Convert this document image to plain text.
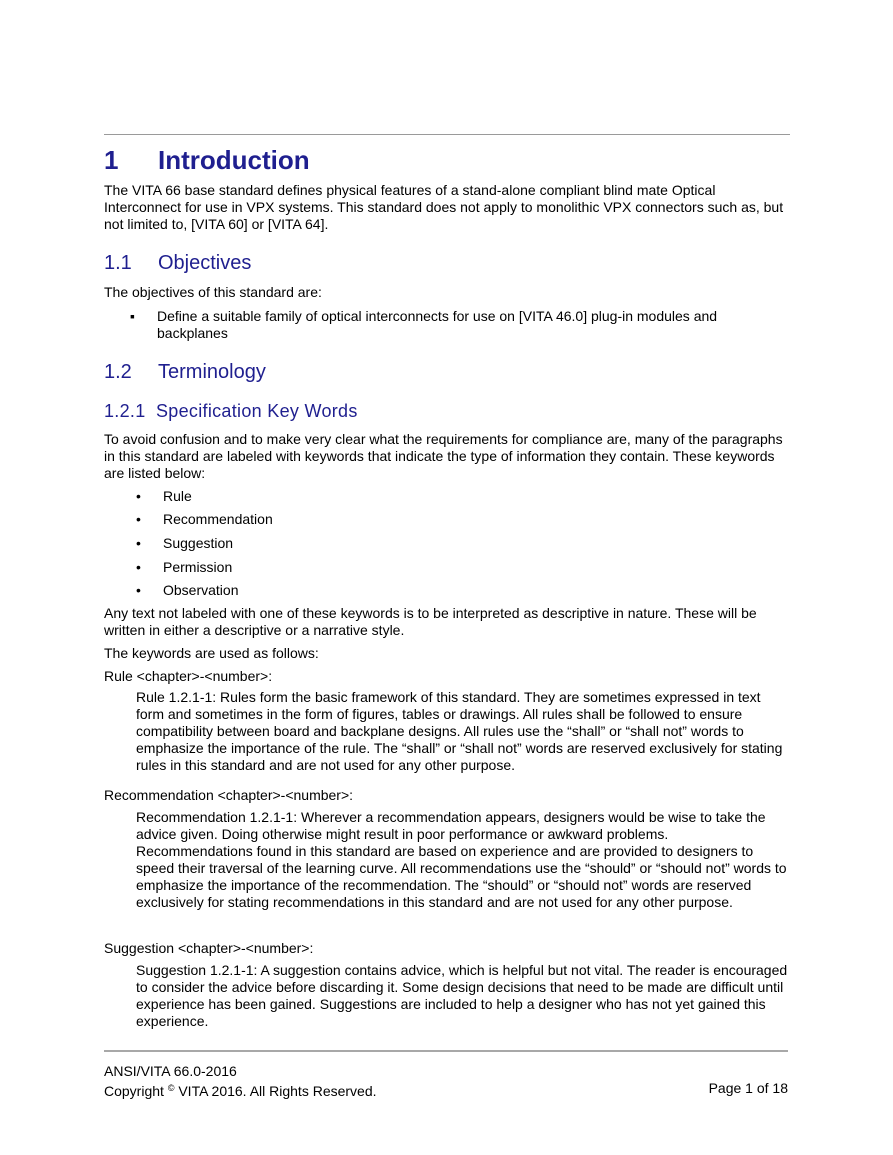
1 Introduction
The VITA 66 base standard defines physical features of a stand-alone compliant blind mate Optical Interconnect for use in VPX systems. This standard does not apply to monolithic VPX connectors such as, but not limited to, [VITA 60] or [VITA 64].
1.1 Objectives
The objectives of this standard are:
▪ Define a suitable family of optical interconnects for use on [VITA 46.0] plug-in modules and backplanes
1.2 Terminology
1.2.1 Specification Key Words
To avoid confusion and to make very clear what the requirements for compliance are, many of the paragraphs in this standard are labeled with keywords that indicate the type of information they contain. These keywords are listed below:
• Rule
• Recommendation
• Suggestion
• Permission
• Observation
Any text not labeled with one of these keywords is to be interpreted as descriptive in nature. These will be written in either a descriptive or a narrative style.
The keywords are used as follows:
Rule <chapter>-<number>:
Rule 1.2.1-1: Rules form the basic framework of this standard. They are sometimes expressed in text form and sometimes in the form of figures, tables or drawings. All rules shall be followed to ensure compatibility between board and backplane designs. All rules use the “shall” or “shall not” words to emphasize the importance of the rule. The “shall” or “shall not” words are reserved exclusively for stating rules in this standard and are not used for any other purpose.
Recommendation <chapter>-<number>:
Recommendation 1.2.1-1: Wherever a recommendation appears, designers would be wise to take the advice given. Doing otherwise might result in poor performance or awkward problems. Recommendations found in this standard are based on experience and are provided to designers to speed their traversal of the learning curve. All recommendations use the “should” or “should not” words to emphasize the importance of the recommendation. The “should” or “should not” words are reserved exclusively for stating recommendations in this standard and are not used for any other purpose.
Suggestion <chapter>-<number>:
Suggestion 1.2.1-1: A suggestion contains advice, which is helpful but not vital. The reader is encouraged to consider the advice before discarding it. Some design decisions that need to be made are difficult until experience has been gained. Suggestions are included to help a designer who has not yet gained this experience.
ANSI/VITA 66.0-2016
Copyright © VITA 2016. All Rights Reserved.	Page 1 of 18
